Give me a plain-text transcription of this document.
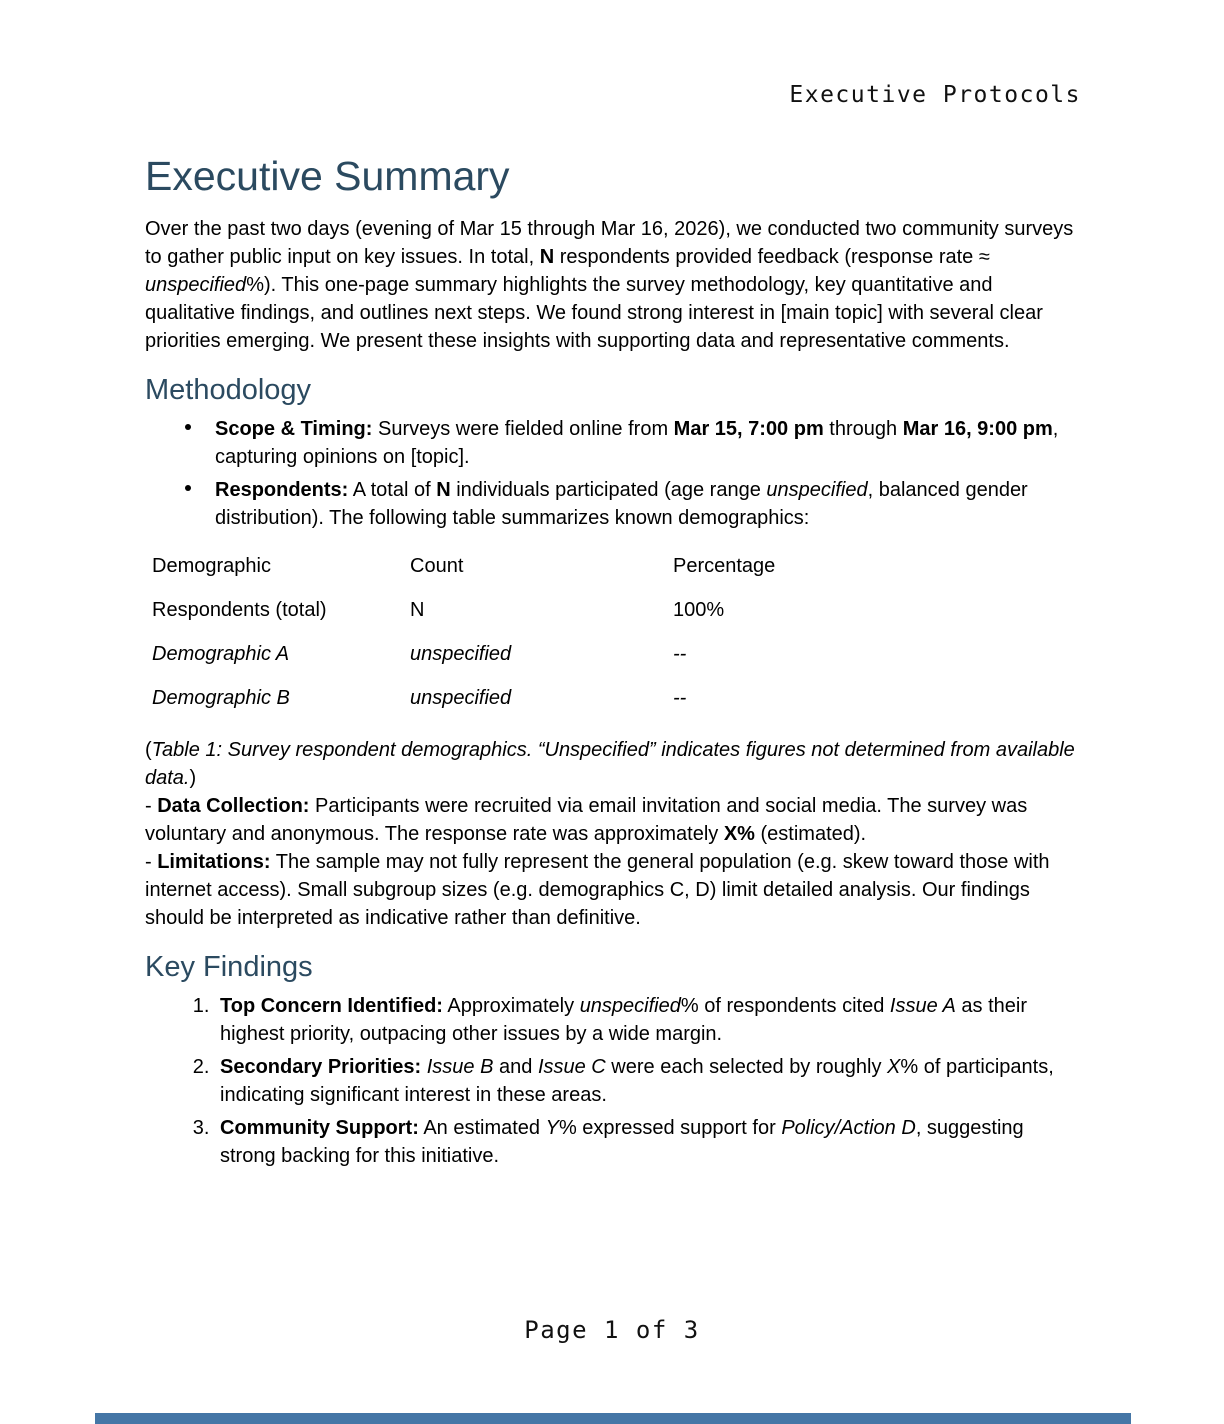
Executive Protocols
Executive Summary

Over the past two days (evening of Mar 15 through Mar 16, 2026), we conducted two community surveys to gather public input on key issues. In total, N respondents provided feedback (response rate ≈ unspecified%). This one-page summary highlights the survey methodology, key quantitative and qualitative findings, and outlines next steps. We found strong interest in [main topic] with several clear priorities emerging. We present these insights with supporting data and representative comments.

Methodology
Scope & Timing: Surveys were fielded online from Mar 15, 7:00 pm through Mar 16, 9:00 pm, capturing opinions on [topic].
Respondents: A total of N individuals participated (age range unspecified, balanced gender distribution). The following table summarizes known demographics:
Demographic	Count	Percentage
Respondents (total)	N	100%
Demographic A	unspecified	--
Demographic B	unspecified	--

(Table 1: Survey respondent demographics. “Unspecified” indicates figures not determined from available data.)

- Data Collection: Participants were recruited via email invitation and social media. The survey was voluntary and anonymous. The response rate was approximately X% (estimated).

- Limitations: The sample may not fully represent the general population (e.g. skew toward those with internet access). Small subgroup sizes (e.g. demographics C, D) limit detailed analysis. Our findings should be interpreted as indicative rather than definitive.

Key Findings
1. Top Concern Identified: Approximately unspecified% of respondents cited Issue A as their highest priority, outpacing other issues by a wide margin.
2. Secondary Priorities: Issue B and Issue C were each selected by roughly X% of participants, indicating significant interest in these areas.
3. Community Support: An estimated Y% expressed support for Policy/Action D, suggesting strong backing for this initiative.
Page 1 of 3
